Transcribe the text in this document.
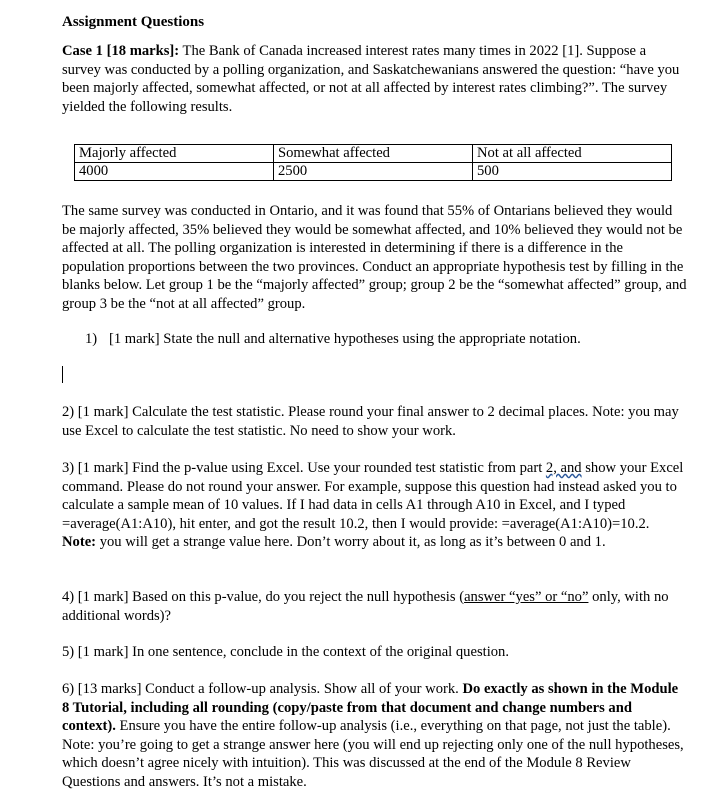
Assignment Questions

Case 1 [18 marks]: The Bank of Canada increased interest rates many times in 2022 [1]. Suppose a survey was conducted by a polling organization, and Saskatchewanians answered the question: “have you been majorly affected, somewhat affected, or not at all affected by interest rates climbing?”. The survey yielded the following results.

Majorly affected	Somewhat affected	Not at all affected
4000	2500	500

The same survey was conducted in Ontario, and it was found that 55% of Ontarians believed they would be majorly affected, 35% believed they would be somewhat affected, and 10% believed they would not be affected at all. The polling organization is interested in determining if there is a difference in the population proportions between the two provinces. Conduct an appropriate hypothesis test by filling in the blanks below. Let group 1 be the “majorly affected” group; group 2 be the “somewhat affected” group, and group 3 be the “not at all affected” group.

1) [1 mark] State the null and alternative hypotheses using the appropriate notation.

2) [1 mark] Calculate the test statistic. Please round your final answer to 2 decimal places. Note: you may use Excel to calculate the test statistic. No need to show your work.

3) [1 mark] Find the p-value using Excel. Use your rounded test statistic from part 2, and show your Excel command. Please do not round your answer. For example, suppose this question had instead asked you to calculate a sample mean of 10 values. If I had data in cells A1 through A10 in Excel, and I typed =average(A1:A10), hit enter, and got the result 10.2, then I would provide: =average(A1:A10)=10.2. Note: you will get a strange value here. Don’t worry about it, as long as it’s between 0 and 1.

4) [1 mark] Based on this p-value, do you reject the null hypothesis (answer “yes” or “no” only, with no additional words)?

5) [1 mark] In one sentence, conclude in the context of the original question.

6) [13 marks] Conduct a follow-up analysis. Show all of your work. Do exactly as shown in the Module 8 Tutorial, including all rounding (copy/paste from that document and change numbers and context). Ensure you have the entire follow-up analysis (i.e., everything on that page, not just the table). Note: you’re going to get a strange answer here (you will end up rejecting only one of the null hypotheses, which doesn’t agree nicely with intuition). This was discussed at the end of the Module 8 Review Questions and answers. It’s not a mistake.
